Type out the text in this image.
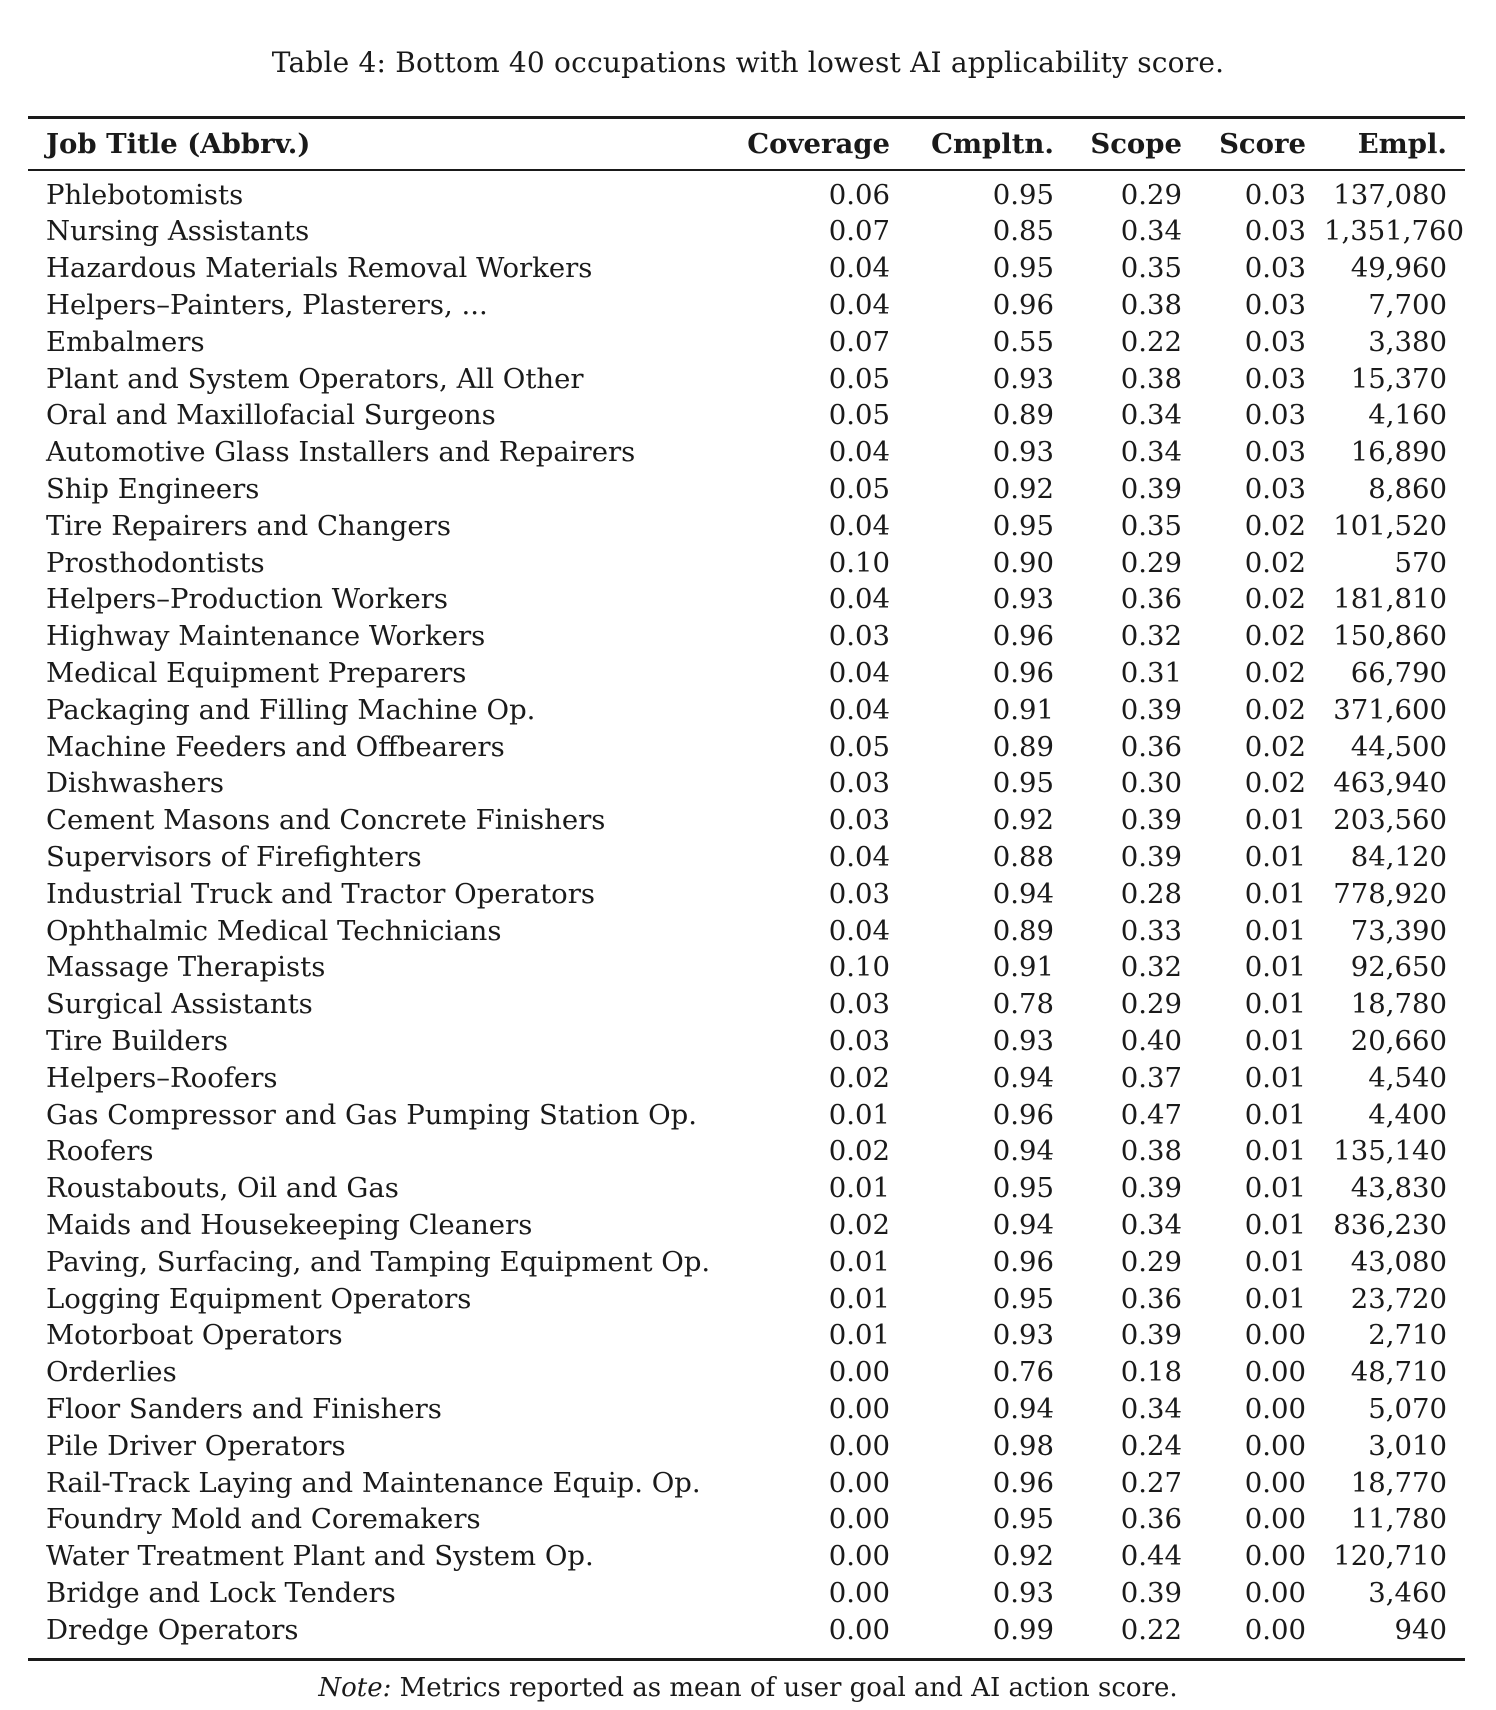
Table 4: Bottom 40 occupations with lowest AI applicability score.
Job Title (Abbrv.)	Coverage	Cmpltn.	Scope	Score	Empl.

Phlebotomists	0.06	0.95	0.29	0.03	137,080
Nursing Assistants	0.07	0.85	0.34	0.03	1,351,760
Hazardous Materials Removal Workers	0.04	0.95	0.35	0.03	49,960
Helpers–Painters, Plasterers, ...	0.04	0.96	0.38	0.03	7,700
Embalmers	0.07	0.55	0.22	0.03	3,380
Plant and System Operators, All Other	0.05	0.93	0.38	0.03	15,370
Oral and Maxillofacial Surgeons	0.05	0.89	0.34	0.03	4,160
Automotive Glass Installers and Repairers	0.04	0.93	0.34	0.03	16,890
Ship Engineers	0.05	0.92	0.39	0.03	8,860
Tire Repairers and Changers	0.04	0.95	0.35	0.02	101,520
Prosthodontists	0.10	0.90	0.29	0.02	570
Helpers–Production Workers	0.04	0.93	0.36	0.02	181,810
Highway Maintenance Workers	0.03	0.96	0.32	0.02	150,860
Medical Equipment Preparers	0.04	0.96	0.31	0.02	66,790
Packaging and Filling Machine Op.	0.04	0.91	0.39	0.02	371,600
Machine Feeders and Offbearers	0.05	0.89	0.36	0.02	44,500
Dishwashers	0.03	0.95	0.30	0.02	463,940
Cement Masons and Concrete Finishers	0.03	0.92	0.39	0.01	203,560
Supervisors of Firefighters	0.04	0.88	0.39	0.01	84,120
Industrial Truck and Tractor Operators	0.03	0.94	0.28	0.01	778,920
Ophthalmic Medical Technicians	0.04	0.89	0.33	0.01	73,390
Massage Therapists	0.10	0.91	0.32	0.01	92,650
Surgical Assistants	0.03	0.78	0.29	0.01	18,780
Tire Builders	0.03	0.93	0.40	0.01	20,660
Helpers–Roofers	0.02	0.94	0.37	0.01	4,540
Gas Compressor and Gas Pumping Station Op.	0.01	0.96	0.47	0.01	4,400
Roofers	0.02	0.94	0.38	0.01	135,140
Roustabouts, Oil and Gas	0.01	0.95	0.39	0.01	43,830
Maids and Housekeeping Cleaners	0.02	0.94	0.34	0.01	836,230
Paving, Surfacing, and Tamping Equipment Op.	0.01	0.96	0.29	0.01	43,080
Logging Equipment Operators	0.01	0.95	0.36	0.01	23,720
Motorboat Operators	0.01	0.93	0.39	0.00	2,710
Orderlies	0.00	0.76	0.18	0.00	48,710
Floor Sanders and Finishers	0.00	0.94	0.34	0.00	5,070
Pile Driver Operators	0.00	0.98	0.24	0.00	3,010
Rail-Track Laying and Maintenance Equip. Op.	0.00	0.96	0.27	0.00	18,770
Foundry Mold and Coremakers	0.00	0.95	0.36	0.00	11,780
Water Treatment Plant and System Op.	0.00	0.92	0.44	0.00	120,710
Bridge and Lock Tenders	0.00	0.93	0.39	0.00	3,460
Dredge Operators	0.00	0.99	0.22	0.00	940
Note: Metrics reported as mean of user goal and AI action score.
